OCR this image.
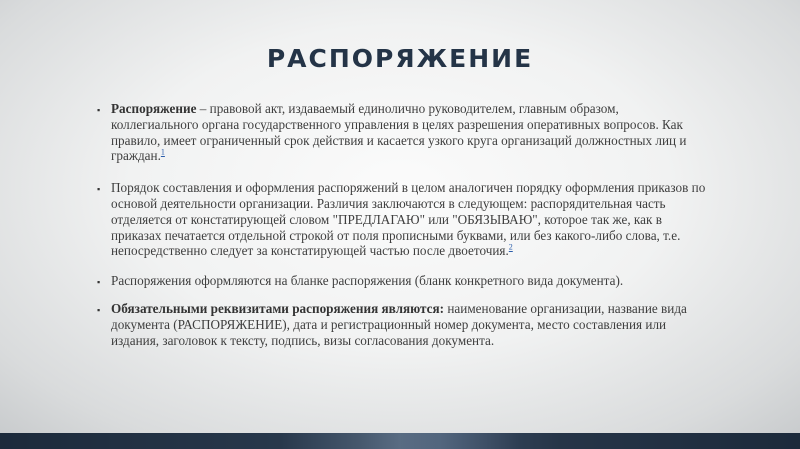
РАСПОРЯЖЕНИЕ
▪ Распоряжение – правовой акт, издаваемый единолично руководителем, главным образом, коллегиального органа государственного управления в целях разрешения оперативных вопросов. Как правило, имеет ограниченный срок действия и касается узкого круга организаций должностных лиц и граждан.$^1$
▪ Порядок составления и оформления распоряжений в целом аналогичен порядку оформления приказов по основой деятельности организации. Различия заключаются в следующем: распорядительная часть отделяется от констатирующей словом "ПРЕДЛАГАЮ" или "ОБЯЗЫВАЮ", которое так же, как в приказах печатается отдельной строкой от поля прописными буквами, или без какого-либо слова, т.е. непосредственно следует за констатирующей частью после двоеточия.$^2$
▪ Распоряжения оформляются на бланке распоряжения (бланк конкретного вида документа).
▪ Обязательными реквизитами распоряжения являются: наименование организации, название вида документа (РАСПОРЯЖЕНИЕ), дата и регистрационный номер документа, место составления или издания, заголовок к тексту, подпись, визы согласования документа.
